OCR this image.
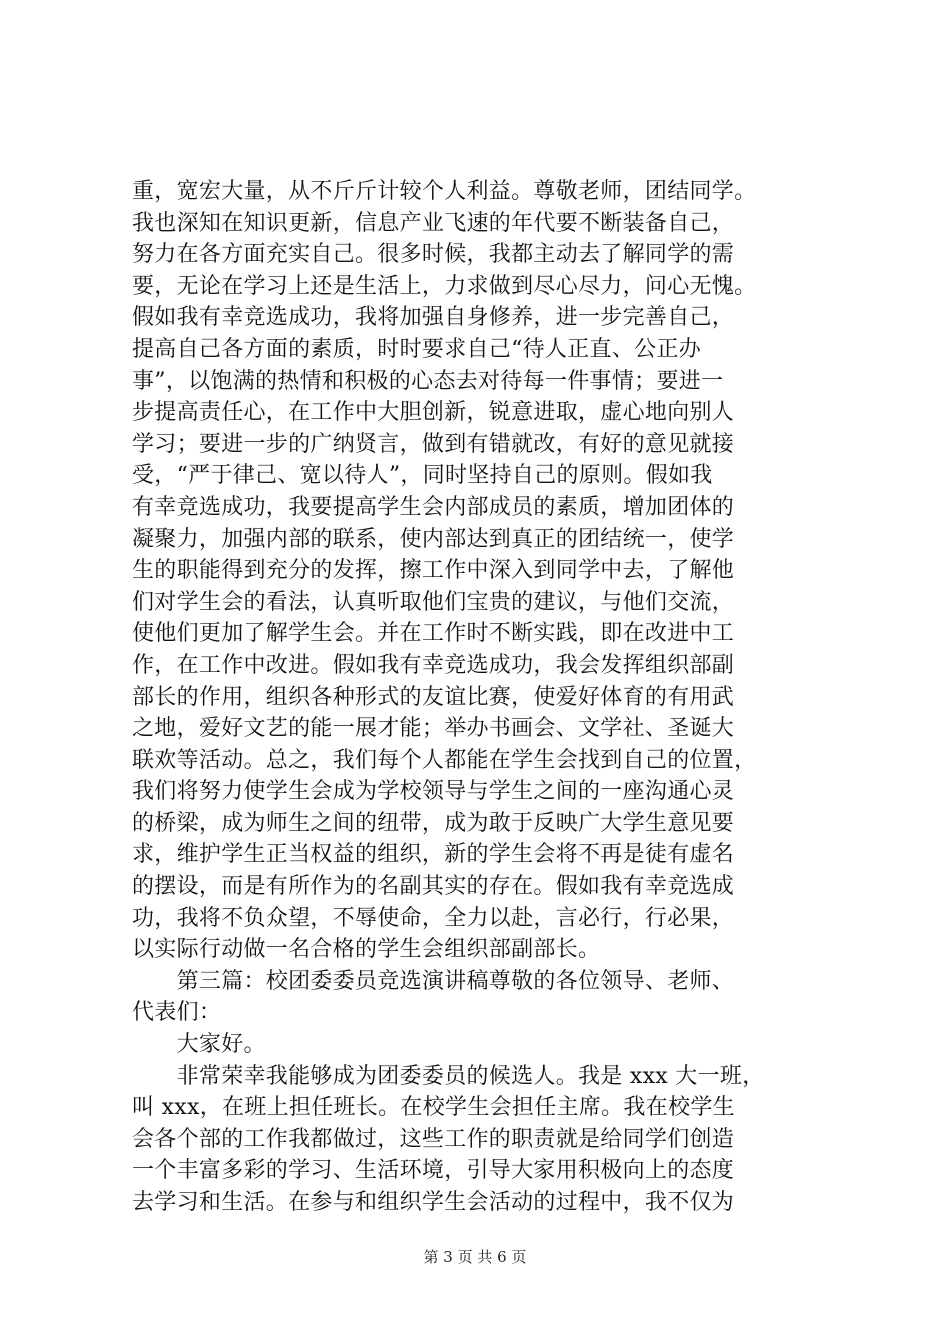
重，宽宏大量，从不斤斤计较个人利益。尊敬老师，团结同学。
我也深知在知识更新，信息产业飞速的年代要不断装备自己，
努力在各方面充实自己。很多时候，我都主动去了解同学的需
要，无论在学习上还是生活上，力求做到尽心尽力，问心无愧。
假如我有幸竞选成功，我将加强自身修养，进一步完善自己，
提高自己各方面的素质，时时要求自己“待人正直、公正办
事”，以饱满的热情和积极的心态去对待每一件事情；要进一
步提高责任心，在工作中大胆创新，锐意进取，虚心地向别人
学习；要进一步的广纳贤言，做到有错就改，有好的意见就接
受，“严于律己、宽以待人”，同时坚持自己的原则。假如我
有幸竞选成功，我要提高学生会内部成员的素质，增加团体的
凝聚力，加强内部的联系，使内部达到真正的团结统一，使学
生的职能得到充分的发挥，擦工作中深入到同学中去，了解他
们对学生会的看法，认真听取他们宝贵的建议，与他们交流，
使他们更加了解学生会。并在工作时不断实践，即在改进中工
作，在工作中改进。假如我有幸竞选成功，我会发挥组织部副
部长的作用，组织各种形式的友谊比赛，使爱好体育的有用武
之地，爱好文艺的能一展才能；举办书画会、文学社、圣诞大
联欢等活动。总之，我们每个人都能在学生会找到自己的位置，
我们将努力使学生会成为学校领导与学生之间的一座沟通心灵
的桥梁，成为师生之间的纽带，成为敢于反映广大学生意见要
求，维护学生正当权益的组织，新的学生会将不再是徒有虚名
的摆设，而是有所作为的名副其实的存在。假如我有幸竞选成
功，我将不负众望，不辱使命，全力以赴，言必行，行必果，
以实际行动做一名合格的学生会组织部副部长。
　　第三篇：校团委委员竞选演讲稿尊敬的各位领导、老师、
代表们：
　　大家好。
　　非常荣幸我能够成为团委委员的候选人。我是 xxx 大一班，
叫 xxx，在班上担任班长。在校学生会担任主席。我在校学生
会各个部的工作我都做过，这些工作的职责就是给同学们创造
一个丰富多彩的学习、生活环境，引导大家用积极向上的态度
去学习和生活。在参与和组织学生会活动的过程中，我不仅为
第 3 页 共 6 页
